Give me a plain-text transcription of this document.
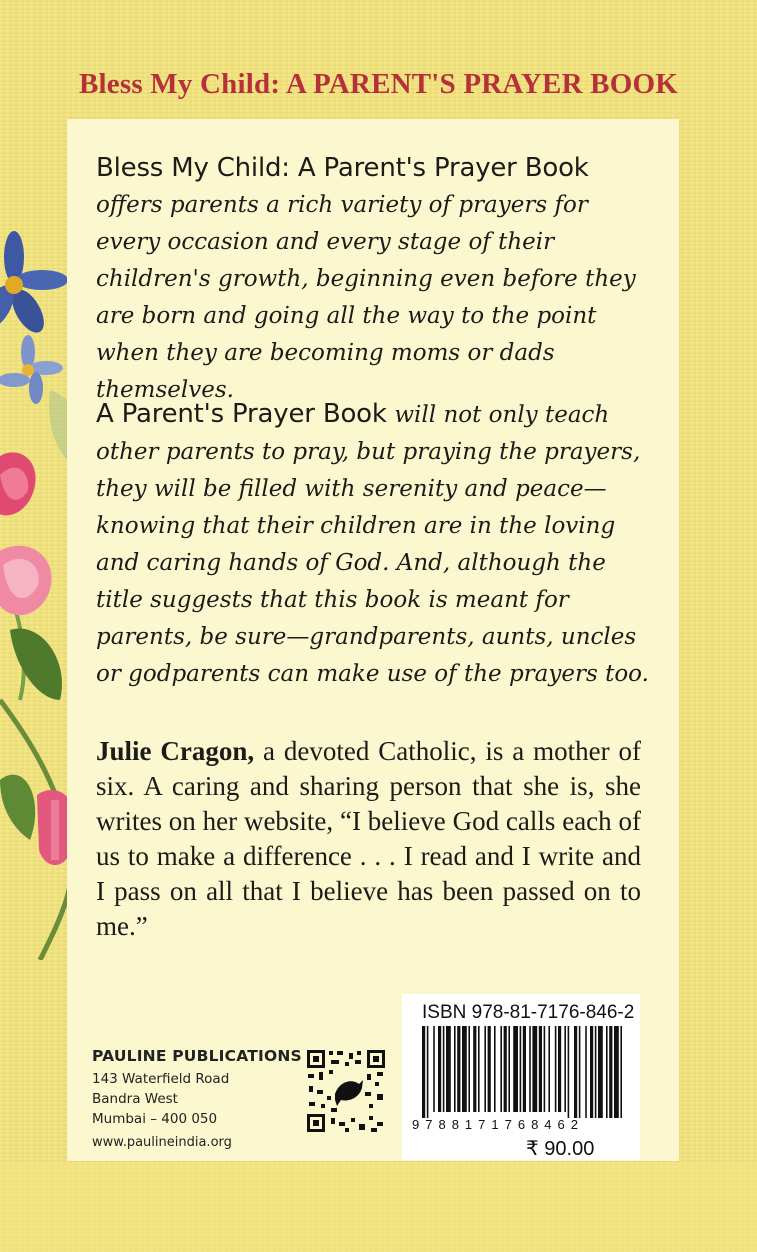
Bless My Child: A PARENT'S PRAYER BOOK
Bless My Child: A Parent's Prayer Book offers parents a rich variety of prayers for every occasion and every stage of their children's growth, beginning even before they are born and going all the way to the point when they are becoming moms or dads themselves.
A Parent's Prayer Book will not only teach other parents to pray, but praying the prayers, they will be filled with serenity and peace—knowing that their children are in the loving and caring hands of God. And, although the title suggests that this book is meant for parents, be sure—grandparents, aunts, uncles or godparents can make use of the prayers too.
Julie Cragon, a devoted Catholic, is a mother of six. A caring and sharing person that she is, she writes on her website, “I believe God calls each of us to make a difference . . . I read and I write and I pass on all that I believe has been passed on to me.”
PAULINE PUBLICATIONS
143 Waterfield Road
Bandra West
Mumbai – 400 050
www.paulineindia.org
ISBN 978-81-7176-846-2
9788171768462
₹ 90.00
